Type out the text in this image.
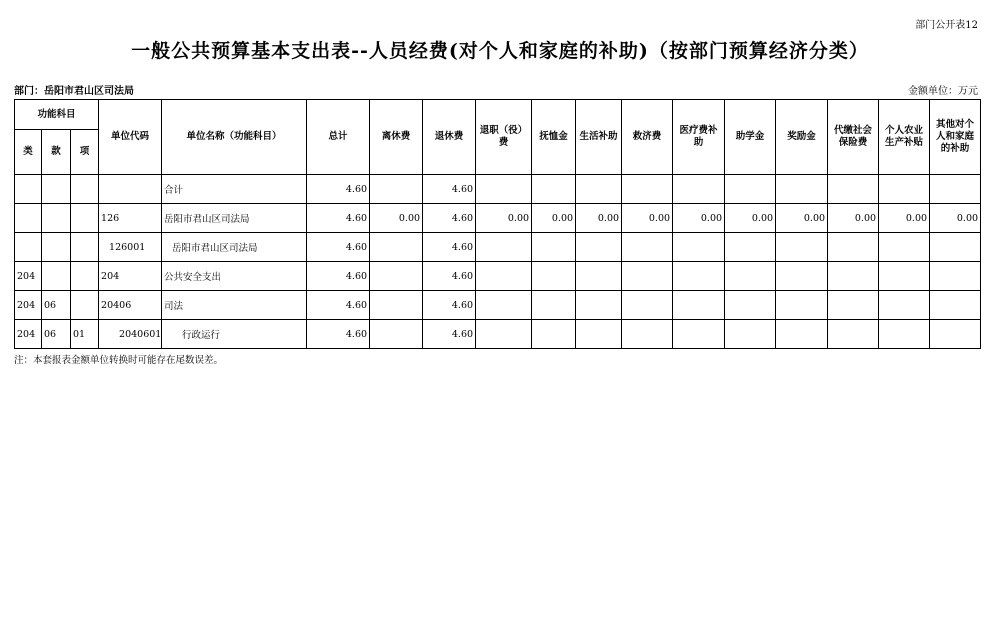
部门公开表12
一般公共预算基本支出表--人员经费(对个人和家庭的补助)（按部门预算经济分类）
部门：岳阳市君山区司法局	金额单位：万元
功能科目			单位代码	单位名称（功能科目）	总计	离休费	退休费	退职（役）费	抚恤金	生活补助	救济费	医疗费补助	助学金	奖励金	代缴社会保险费	个人农业生产补贴	其他对个人和家庭的补助
类	款	项															
				合计	4.60		4.60										
			126	岳阳市君山区司法局	4.60	0.00	4.60	0.00	0.00	0.00	0.00	0.00	0.00	0.00	0.00	0.00	0.00
			126001	岳阳市君山区司法局	4.60		4.60										
204			204	公共安全支出	4.60		4.60										
204	06		20406	司法	4.60		4.60										
204	06	01	2040601	行政运行	4.60		4.60										
注：本套报表金额单位转换时可能存在尾数误差。
